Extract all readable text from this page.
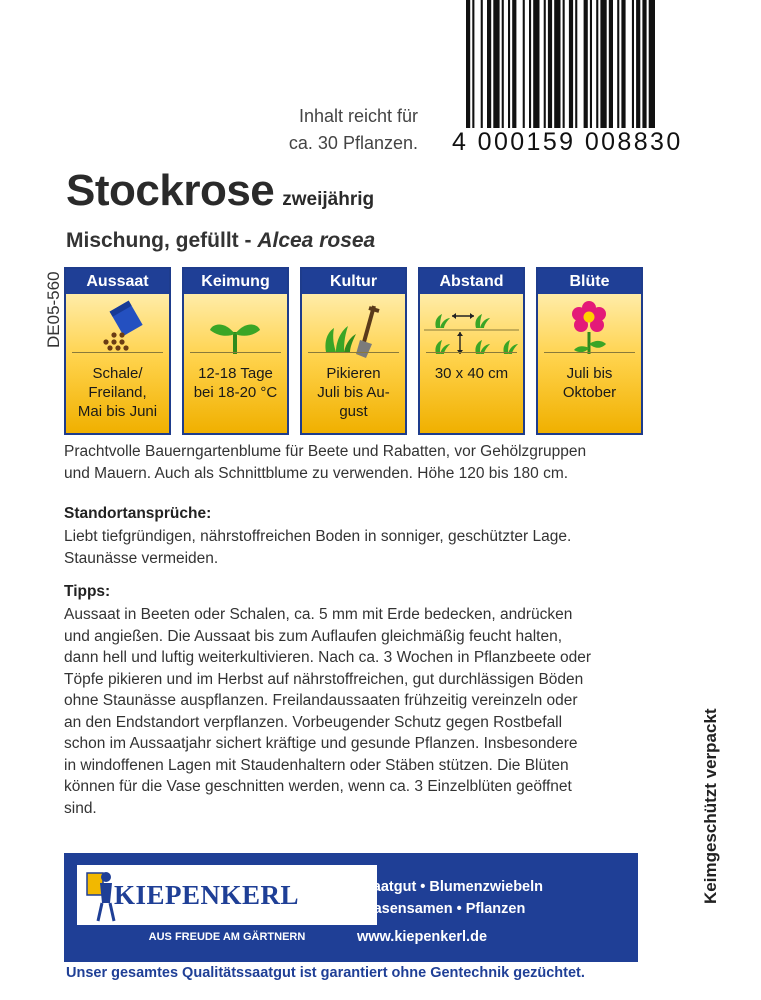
4 000159 008830
Inhalt reicht für
ca. 30 Pflanzen.
Stockrose zweijährig
Mischung, gefüllt - Alcea rosea
DE05-560	Aussaat
Schale/
Freiland,
Mai bis Juni
Keimung
12-18 Tage
bei 18-20 °C
Kultur
Pikieren
Juli bis Au-
gust
Abstand
30 x 40 cm
Blüte
Juli bis
Oktober
Prachtvolle Bauerngartenblume für Beete und Rabatten, vor Gehölzgruppen
und Mauern. Auch als Schnittblume zu verwenden. Höhe 120 bis 180 cm.
Standortansprüche:
Liebt tiefgründigen, nährstoffreichen Boden in sonniger, geschützter Lage.
Staunässe vermeiden.
Tipps:
Aussaat in Beeten oder Schalen, ca. 5 mm mit Erde bedecken, andrücken
und angießen. Die Aussaat bis zum Auflaufen gleichmäßig feucht halten,
dann hell und luftig weiterkultivieren. Nach ca. 3 Wochen in Pflanzbeete oder
Töpfe pikieren und im Herbst auf nährstoffreichen, gut durchlässigen Böden
ohne Staunässe auspflanzen. Freilandaussaaten frühzeitig vereinzeln oder
an den Endstandort verpflanzen. Vorbeugender Schutz gegen Rostbefall
schon im Aussaatjahr sichert kräftige und gesunde Pflanzen. Insbesondere
in windoffenen Lagen mit Staudenhaltern oder Stäben stützen. Die Blüten
können für die Vase geschnitten werden, wenn ca. 3 Einzelblüten geöffnet
sind.	Keimgeschützt verpackt
KIEPENKERL
AUS FREUDE AM GÄRTNERN
• Saatgut • Blumenzwiebeln
• Rasensamen • Pflanzen
www.kiepenkerl.de
Unser gesamtes Qualitätssaatgut ist garantiert ohne Gentechnik gezüchtet.
